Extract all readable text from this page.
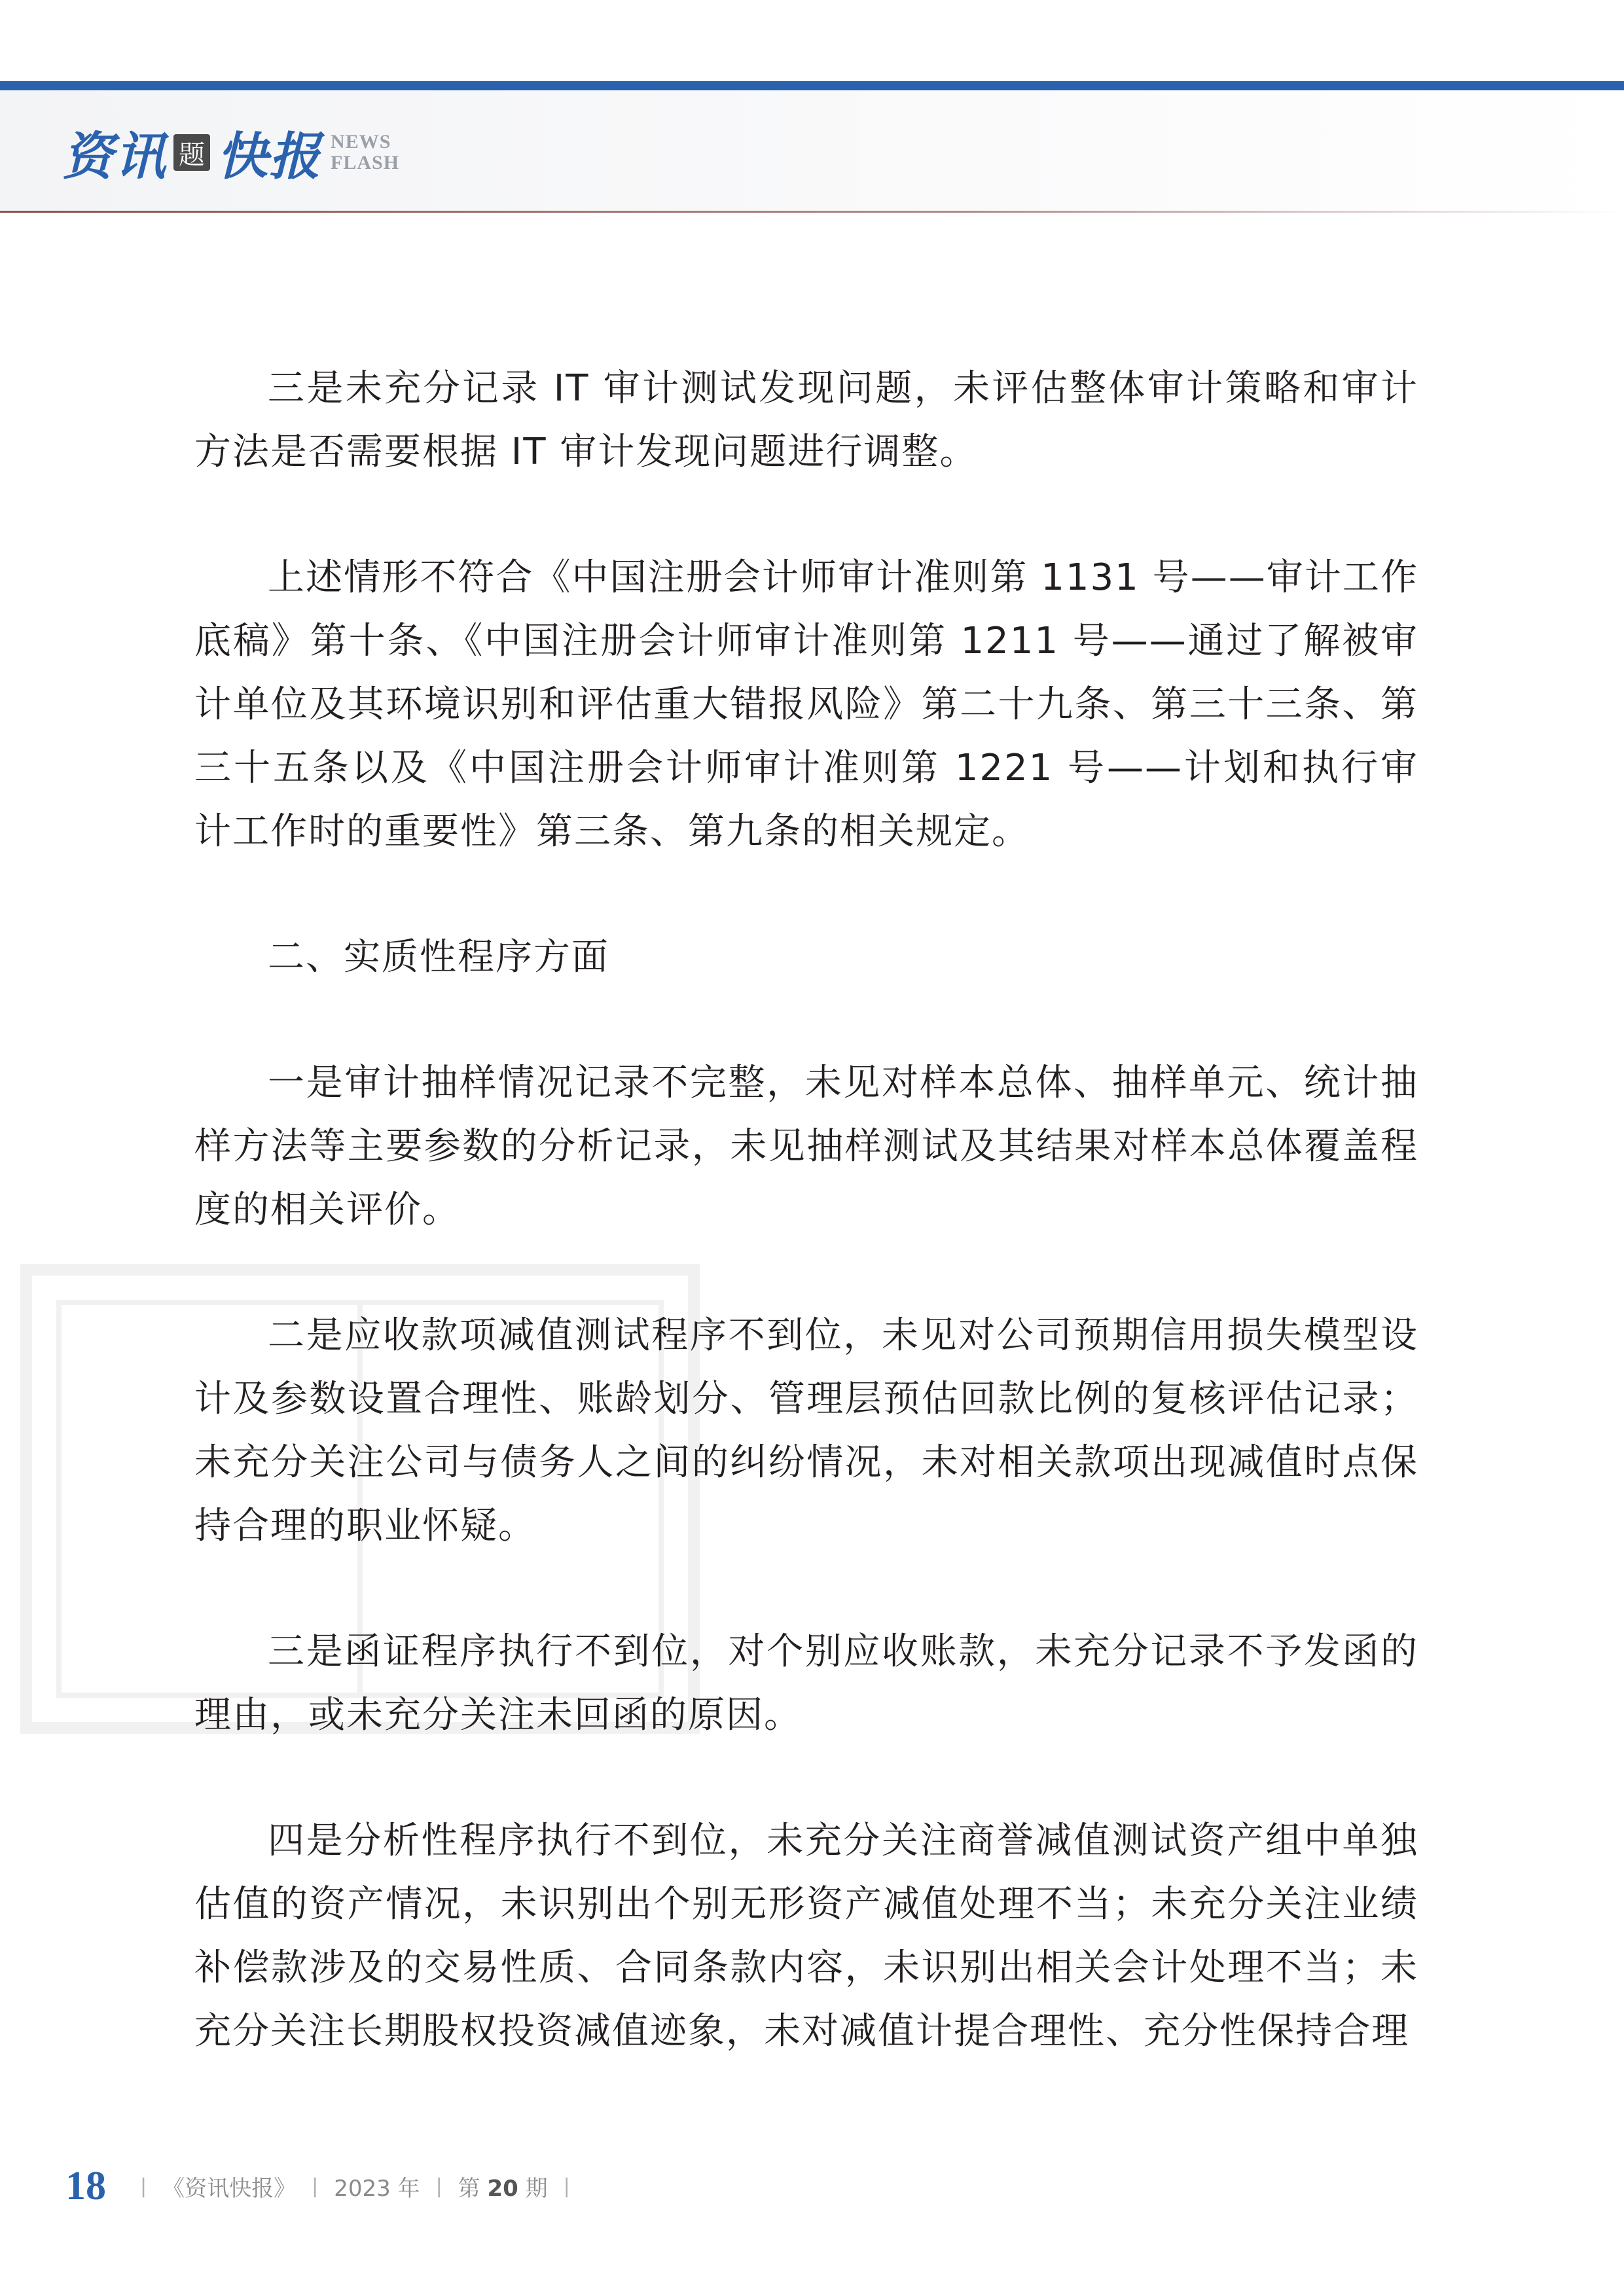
资讯 题 快报 NEWS
FLASH

三是未充分记录 IT 审计测试发现问题，未评估整体审计策略和审计方法是否需要根据 IT 审计发现问题进行调整。

上述情形不符合《中国注册会计师审计准则第 1131 号——审计工作底稿》第十条、《中国注册会计师审计准则第 1211 号——通过了解被审计单位及其环境识别和评估重大错报风险》第二十九条、第三十三条、第三十五条以及《中国注册会计师审计准则第 1221 号——计划和执行审计工作时的重要性》第三条、第九条的相关规定。

二、实质性程序方面

一是审计抽样情况记录不完整，未见对样本总体、抽样单元、统计抽样方法等主要参数的分析记录，未见抽样测试及其结果对样本总体覆盖程度的相关评价。

二是应收款项减值测试程序不到位，未见对公司预期信用损失模型设计及参数设置合理性、账龄划分、管理层预估回款比例的复核评估记录；未充分关注公司与债务人之间的纠纷情况，未对相关款项出现减值时点保持合理的职业怀疑。

三是函证程序执行不到位，对个别应收账款，未充分记录不予发函的理由，或未充分关注未回函的原因。

四是分析性程序执行不到位，未充分关注商誉减值测试资产组中单独估值的资产情况，未识别出个别无形资产减值处理不当；未充分关注业绩补偿款涉及的交易性质、合同条款内容，未识别出相关会计处理不当；未充分关注长期股权投资减值迹象，未对减值计提合理性、充分性保持合理

18 | 《资讯快报》 | 2023 年 | 第 20 期 |
